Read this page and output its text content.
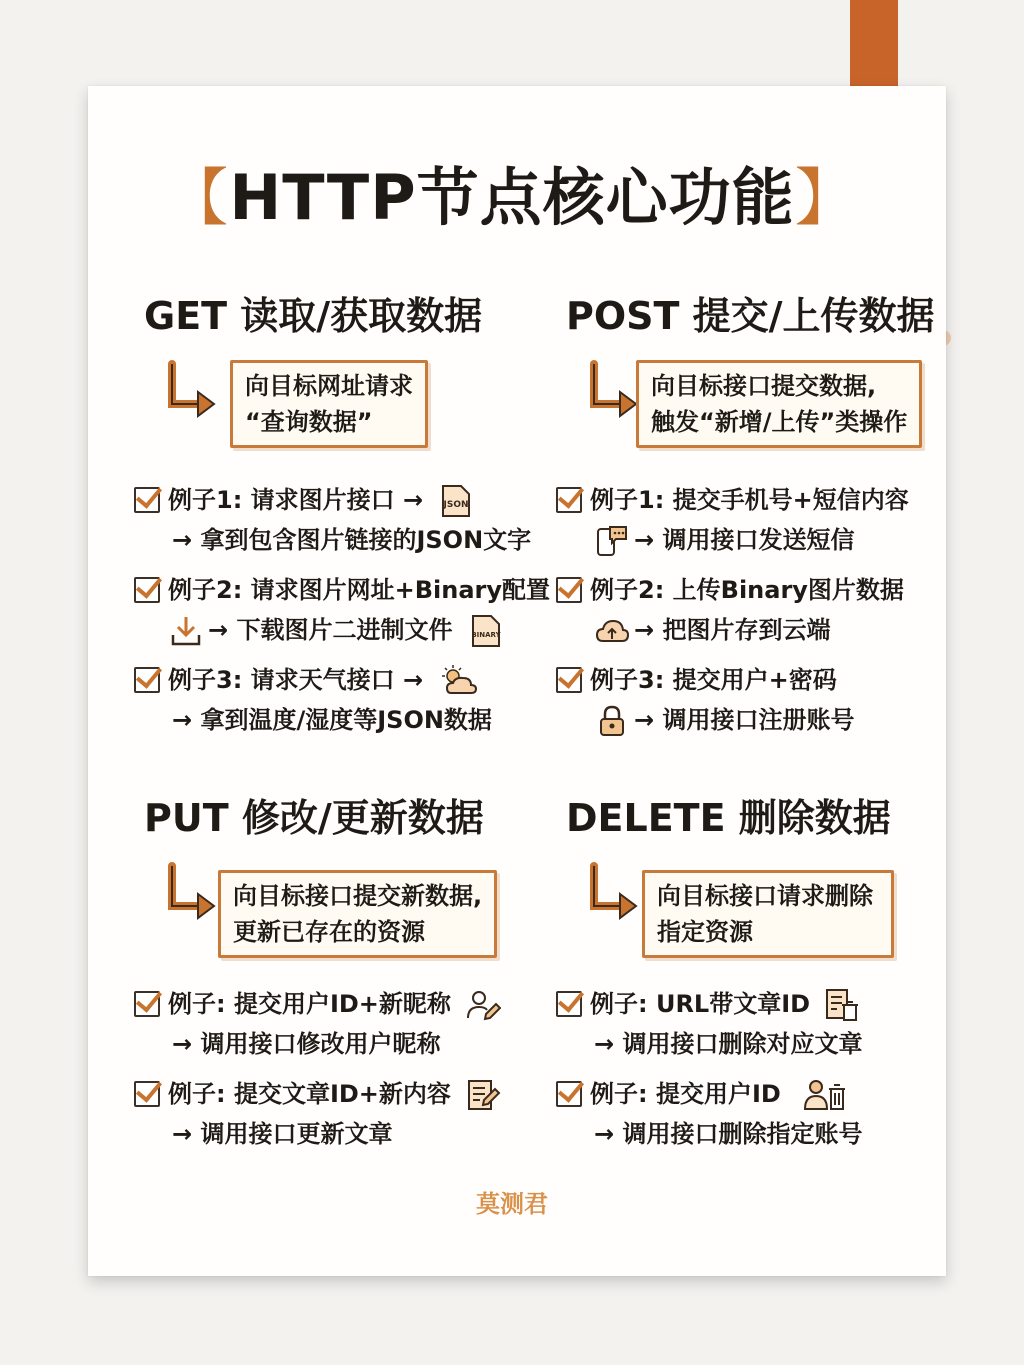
【HTTP节点核心功能】
GET 读取/获取数据
向目标网址请求
“查询数据”
例子1: 请求图片接口 → JSON
→ 拿到包含图片链接的JSON文字
例子2: 请求图片网址+Binary配置
→ 下载图片二进制文件	BINARY
例子3: 请求天气接口 →
→ 拿到温度/湿度等JSON数据
POST 提交/上传数据
向目标接口提交数据,
触发“新增/上传”类操作
例子1: 提交手机号+短信内容
→ 调用接口发送短信
例子2: 上传Binary图片数据
→ 把图片存到云端
例子3: 提交用户+密码
→ 调用接口注册账号
PUT 修改/更新数据
向目标接口提交新数据,
更新已存在的资源
例子: 提交用户ID+新昵称
→ 调用接口修改用户昵称
例子: 提交文章ID+新内容
→ 调用接口更新文章
DELETE 删除数据
向目标接口请求删除
指定资源
例子: URL带文章ID
→ 调用接口删除对应文章
例子: 提交用户ID
→ 调用接口删除指定账号
莫测君
